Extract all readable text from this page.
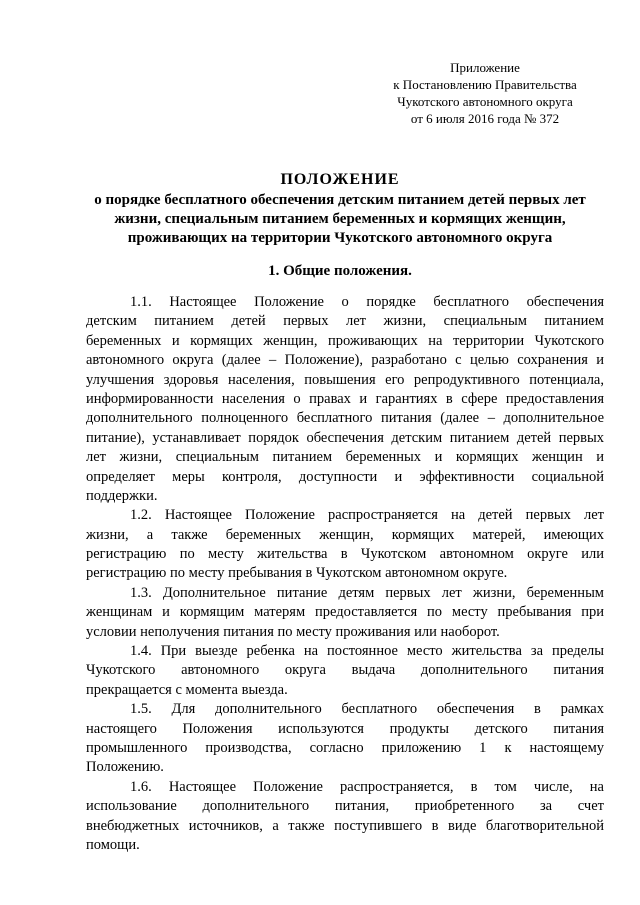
Приложение
к Постановлению Правительства
Чукотского автономного округа
от 6 июля 2016 года № 372
ПОЛОЖЕНИЕ
о порядке бесплатного обеспечения детским питанием детей первых лет
жизни, специальным питанием беременных и кормящих женщин,
проживающих на территории Чукотского автономного округа
1. Общие положения.

1.1. Настоящее Положение о порядке бесплатного обеспечения
детским питанием детей первых лет жизни, специальным питанием
беременных и кормящих женщин, проживающих на территории Чукотского
автономного округа (далее – Положение), разработано с целью сохранения и
улучшения здоровья населения, повышения его репродуктивного потенциала,
информированности населения о правах и гарантиях в сфере предоставления
дополнительного полноценного бесплатного питания (далее – дополнительное
питание), устанавливает порядок обеспечения детским питанием детей первых
лет жизни, специальным питанием беременных и кормящих женщин и
определяет меры контроля, доступности и эффективности социальной
поддержки.

1.2. Настоящее Положение распространяется на детей первых лет
жизни, а также беременных женщин, кормящих матерей, имеющих
регистрацию по месту жительства в Чукотском автономном округе или
регистрацию по месту пребывания в Чукотском автономном округе.

1.3. Дополнительное питание детям первых лет жизни, беременным
женщинам и кормящим матерям предоставляется по месту пребывания при
условии неполучения питания по месту проживания или наоборот.

1.4. При выезде ребенка на постоянное место жительства за пределы
Чукотского автономного округа выдача дополнительного питания
прекращается с момента выезда.

1.5. Для дополнительного бесплатного обеспечения в рамках
настоящего Положения используются продукты детского питания
промышленного производства, согласно приложению 1 к настоящему
Положению.

1.6. Настоящее Положение распространяется, в том числе, на
использование дополнительного питания, приобретенного за счет
внебюджетных источников, а также поступившего в виде благотворительной
помощи.
